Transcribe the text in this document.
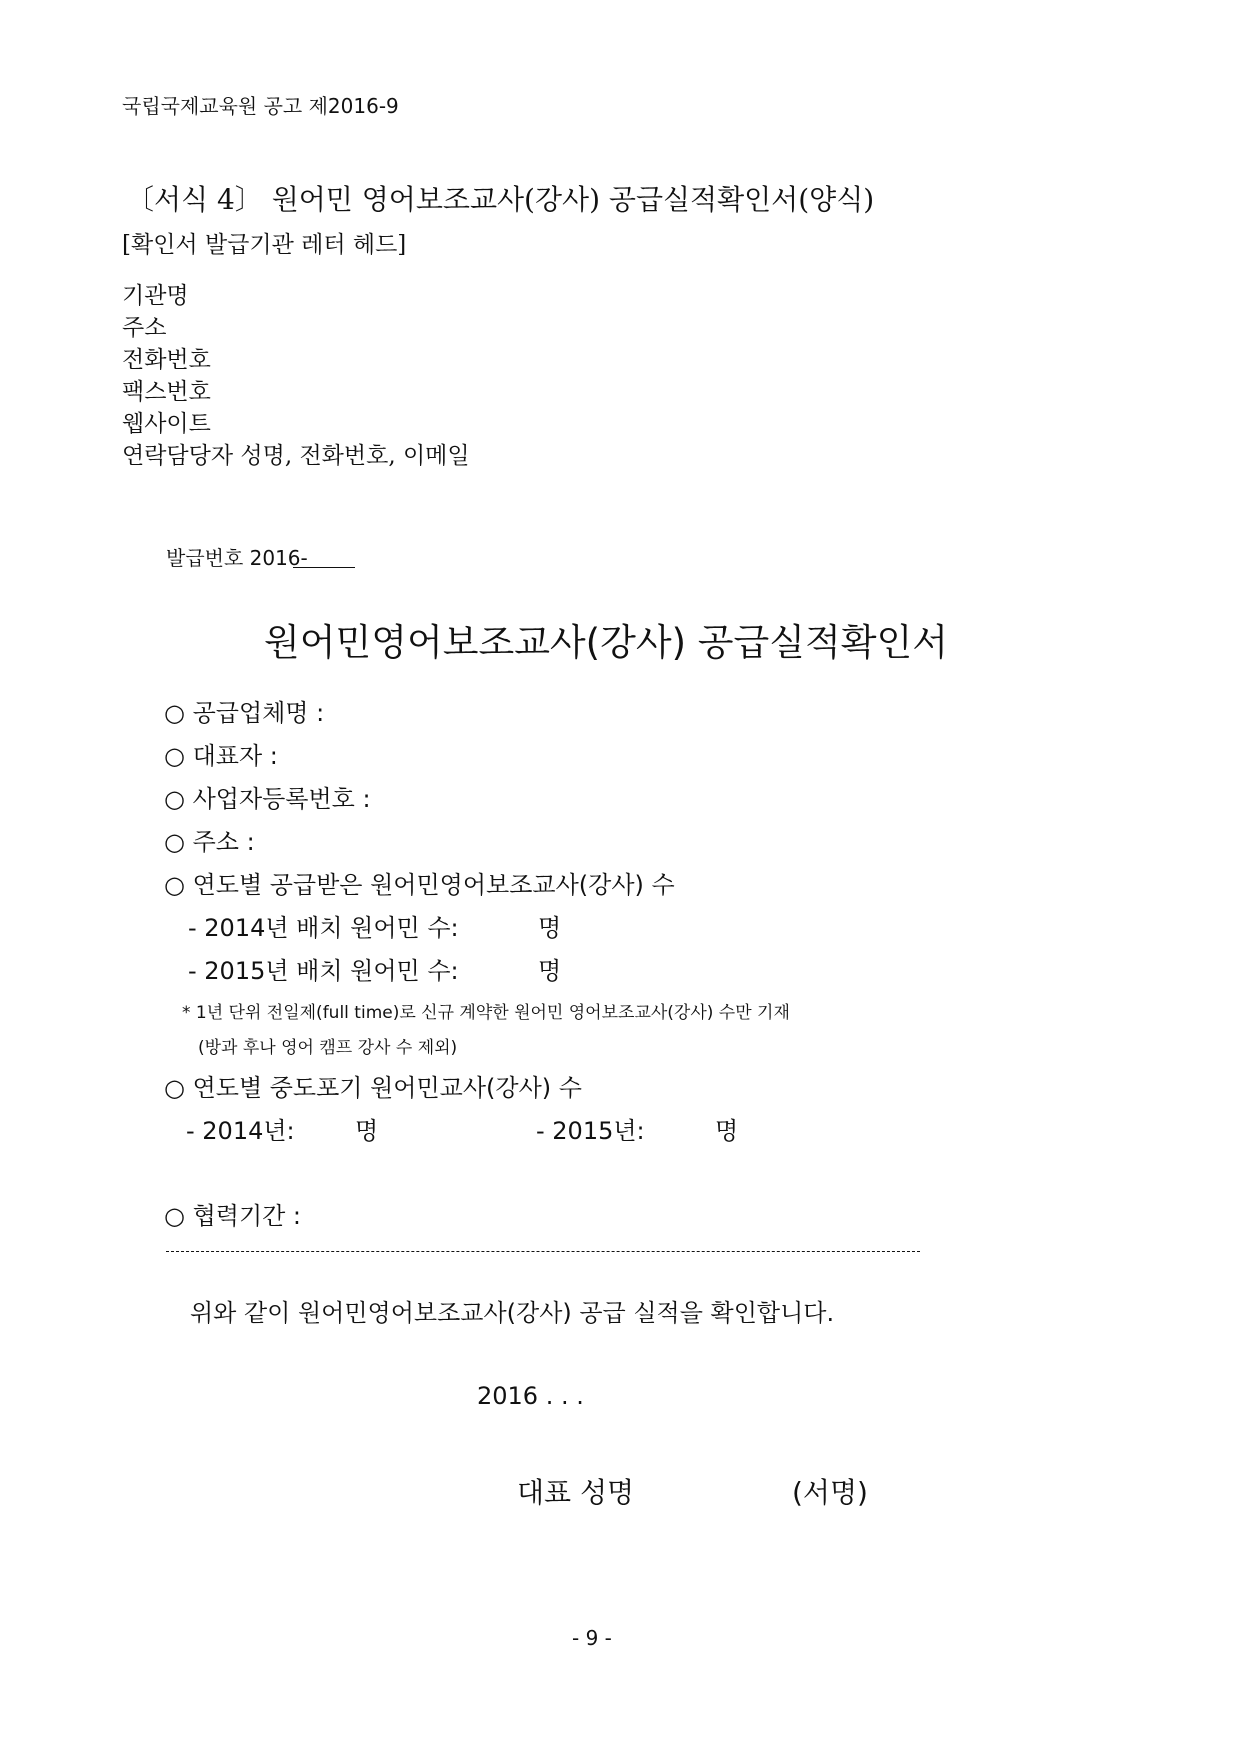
국립국제교육원 공고 제2016-9
〔서식 4〕 원어민 영어보조교사(강사) 공급실적확인서(양식)
[확인서 발급기관 레터 헤드]
기관명
주소
전화번호
팩스번호
웹사이트
연락담당자 성명, 전화번호, 이메일
발급번호 2016-
원어민영어보조교사(강사) 공급실적확인서
○ 공급업체명 :
○ 대표자 :
○ 사업자등록번호 :
○ 주소 :
○ 연도별 공급받은 원어민영어보조교사(강사) 수
- 2014년 배치 원어민 수:	명
- 2015년 배치 원어민 수:	명
* 1년 단위 전일제(full time)로 신규 계약한 원어민 영어보조교사(강사) 수만 기재
(방과 후나 영어 캠프 강사 수 제외)
○ 연도별 중도포기 원어민교사(강사) 수
- 2014년:	명	- 2015년:	명
○ 협력기간 :
위와 같이 원어민영어보조교사(강사) 공급 실적을 확인합니다.
2016 . . .
대표 성명	(서명)
- 9 -
